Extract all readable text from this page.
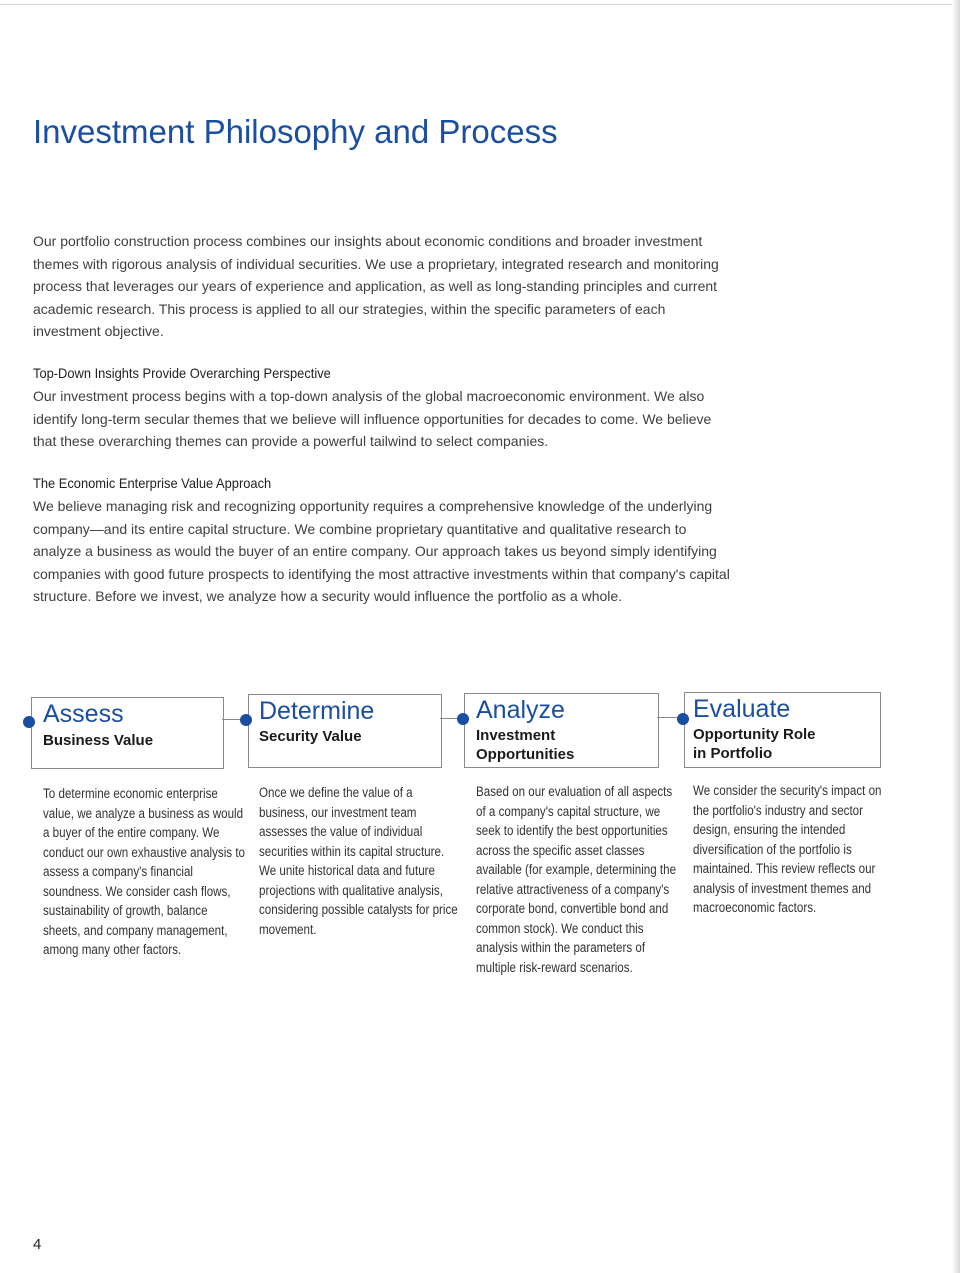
Investment Philosophy and Process

Our portfolio construction process combines our insights about economic conditions and broader investment themes with rigorous analysis of individual securities. We use a proprietary, integrated research and monitoring process that leverages our years of experience and application, as well as long-standing principles and current academic research. This process is applied to all our strategies, within the specific parameters of each investment objective.

Top-Down Insights Provide Overarching Perspective

Our investment process begins with a top-down analysis of the global macroeconomic environment. We also identify long-term secular themes that we believe will influence opportunities for decades to come. We believe that these overarching themes can provide a powerful tailwind to select companies.

The Economic Enterprise Value Approach

We believe managing risk and recognizing opportunity requires a comprehensive knowledge of the underlying company—and its entire capital structure. We combine proprietary quantitative and qualitative research to analyze a business as would the buyer of an entire company. Our approach takes us beyond simply identifying companies with good future prospects to identifying the most attractive investments within that company's capital structure. Before we invest, we analyze how a security would influence the portfolio as a whole.

Assess

Business Value

To determine economic enterprise value, we analyze a business as would a buyer of the entire company. We conduct our own exhaustive analysis to assess a company's financial soundness. We consider cash flows, sustainability of growth, balance sheets, and company management, among many other factors.

Determine

Security Value

Once we define the value of a business, our investment team assesses the value of individual securities within its capital structure. We unite historical data and future projections with qualitative analysis, considering possible catalysts for price movement.

Analyze

Investment Opportunities

Based on our evaluation of all aspects of a company's capital structure, we seek to identify the best opportunities across the specific asset classes available (for example, determining the relative attractiveness of a company's corporate bond, convertible bond and common stock). We conduct this analysis within the parameters of multiple risk-reward scenarios.

Evaluate

Opportunity Role in Portfolio

We consider the security's impact on the portfolio's industry and sector design, ensuring the intended diversification of the portfolio is maintained. This review reflects our analysis of investment themes and macroeconomic factors.

4
